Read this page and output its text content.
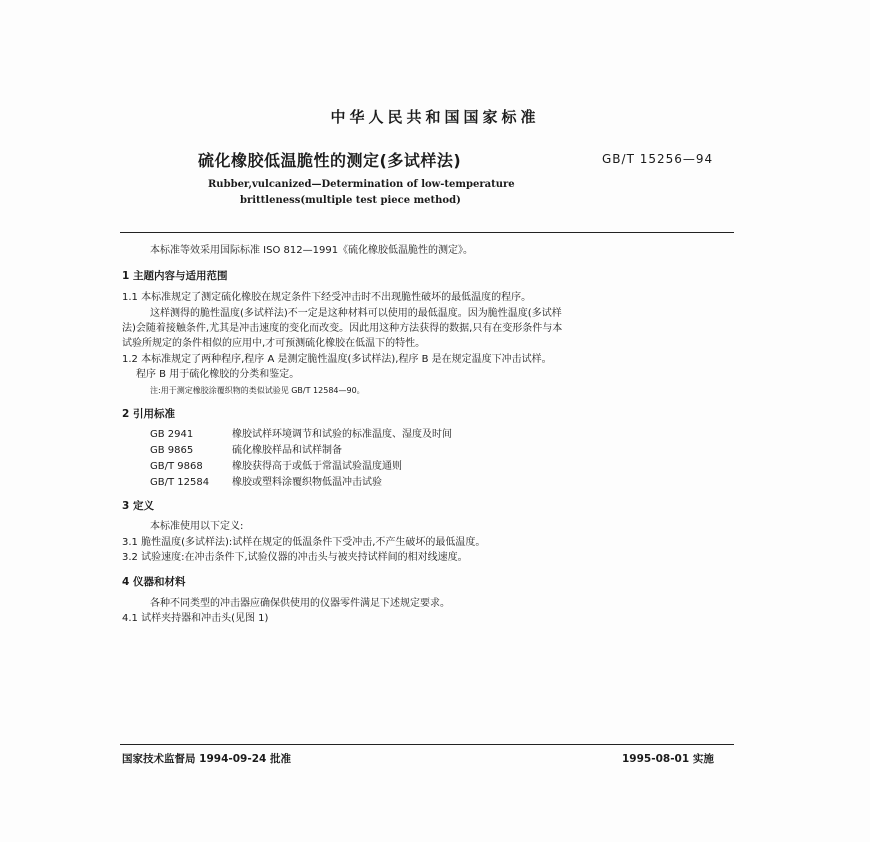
中华人民共和国国家标准
硫化橡胶低温脆性的测定(多试样法)	GB/T 15256—94
Rubber,vulcanized—Determination of low-temperature
brittleness(multiple test piece method)
本标准等效采用国际标准 ISO 812—1991《硫化橡胶低温脆性的测定》。
1 主题内容与适用范围
1.1 本标准规定了测定硫化橡胶在规定条件下经受冲击时不出现脆性破坏的最低温度的程序。
这样测得的脆性温度(多试样法)不一定是这种材料可以使用的最低温度。因为脆性温度(多试样
法)会随着接触条件,尤其是冲击速度的变化而改变。因此用这种方法获得的数据,只有在变形条件与本
试验所规定的条件相似的应用中,才可预测硫化橡胶在低温下的特性。
1.2 本标准规定了两种程序,程序 A 是测定脆性温度(多试样法),程序 B 是在规定温度下冲击试样。
程序 B 用于硫化橡胶的分类和鉴定。
注:用于测定橡胶涂覆织物的类似试验见 GB/T 12584—90。
2 引用标准
GB 2941	橡胶试样环境调节和试验的标准温度、湿度及时间
GB 9865	硫化橡胶样品和试样制备
GB/T 9868	橡胶获得高于或低于常温试验温度通则
GB/T 12584 橡胶或塑料涂覆织物低温冲击试验
3 定义
本标准使用以下定义:
3.1 脆性温度(多试样法):试样在规定的低温条件下受冲击,不产生破坏的最低温度。
3.2 试验速度:在冲击条件下,试验仪器的冲击头与被夹持试样间的相对线速度。
4 仪器和材料
各种不同类型的冲击器应确保供使用的仪器零件满足下述规定要求。
4.1 试样夹持器和冲击头(见图 1)
国家技术监督局 1994-09-24 批准	1995-08-01 实施
